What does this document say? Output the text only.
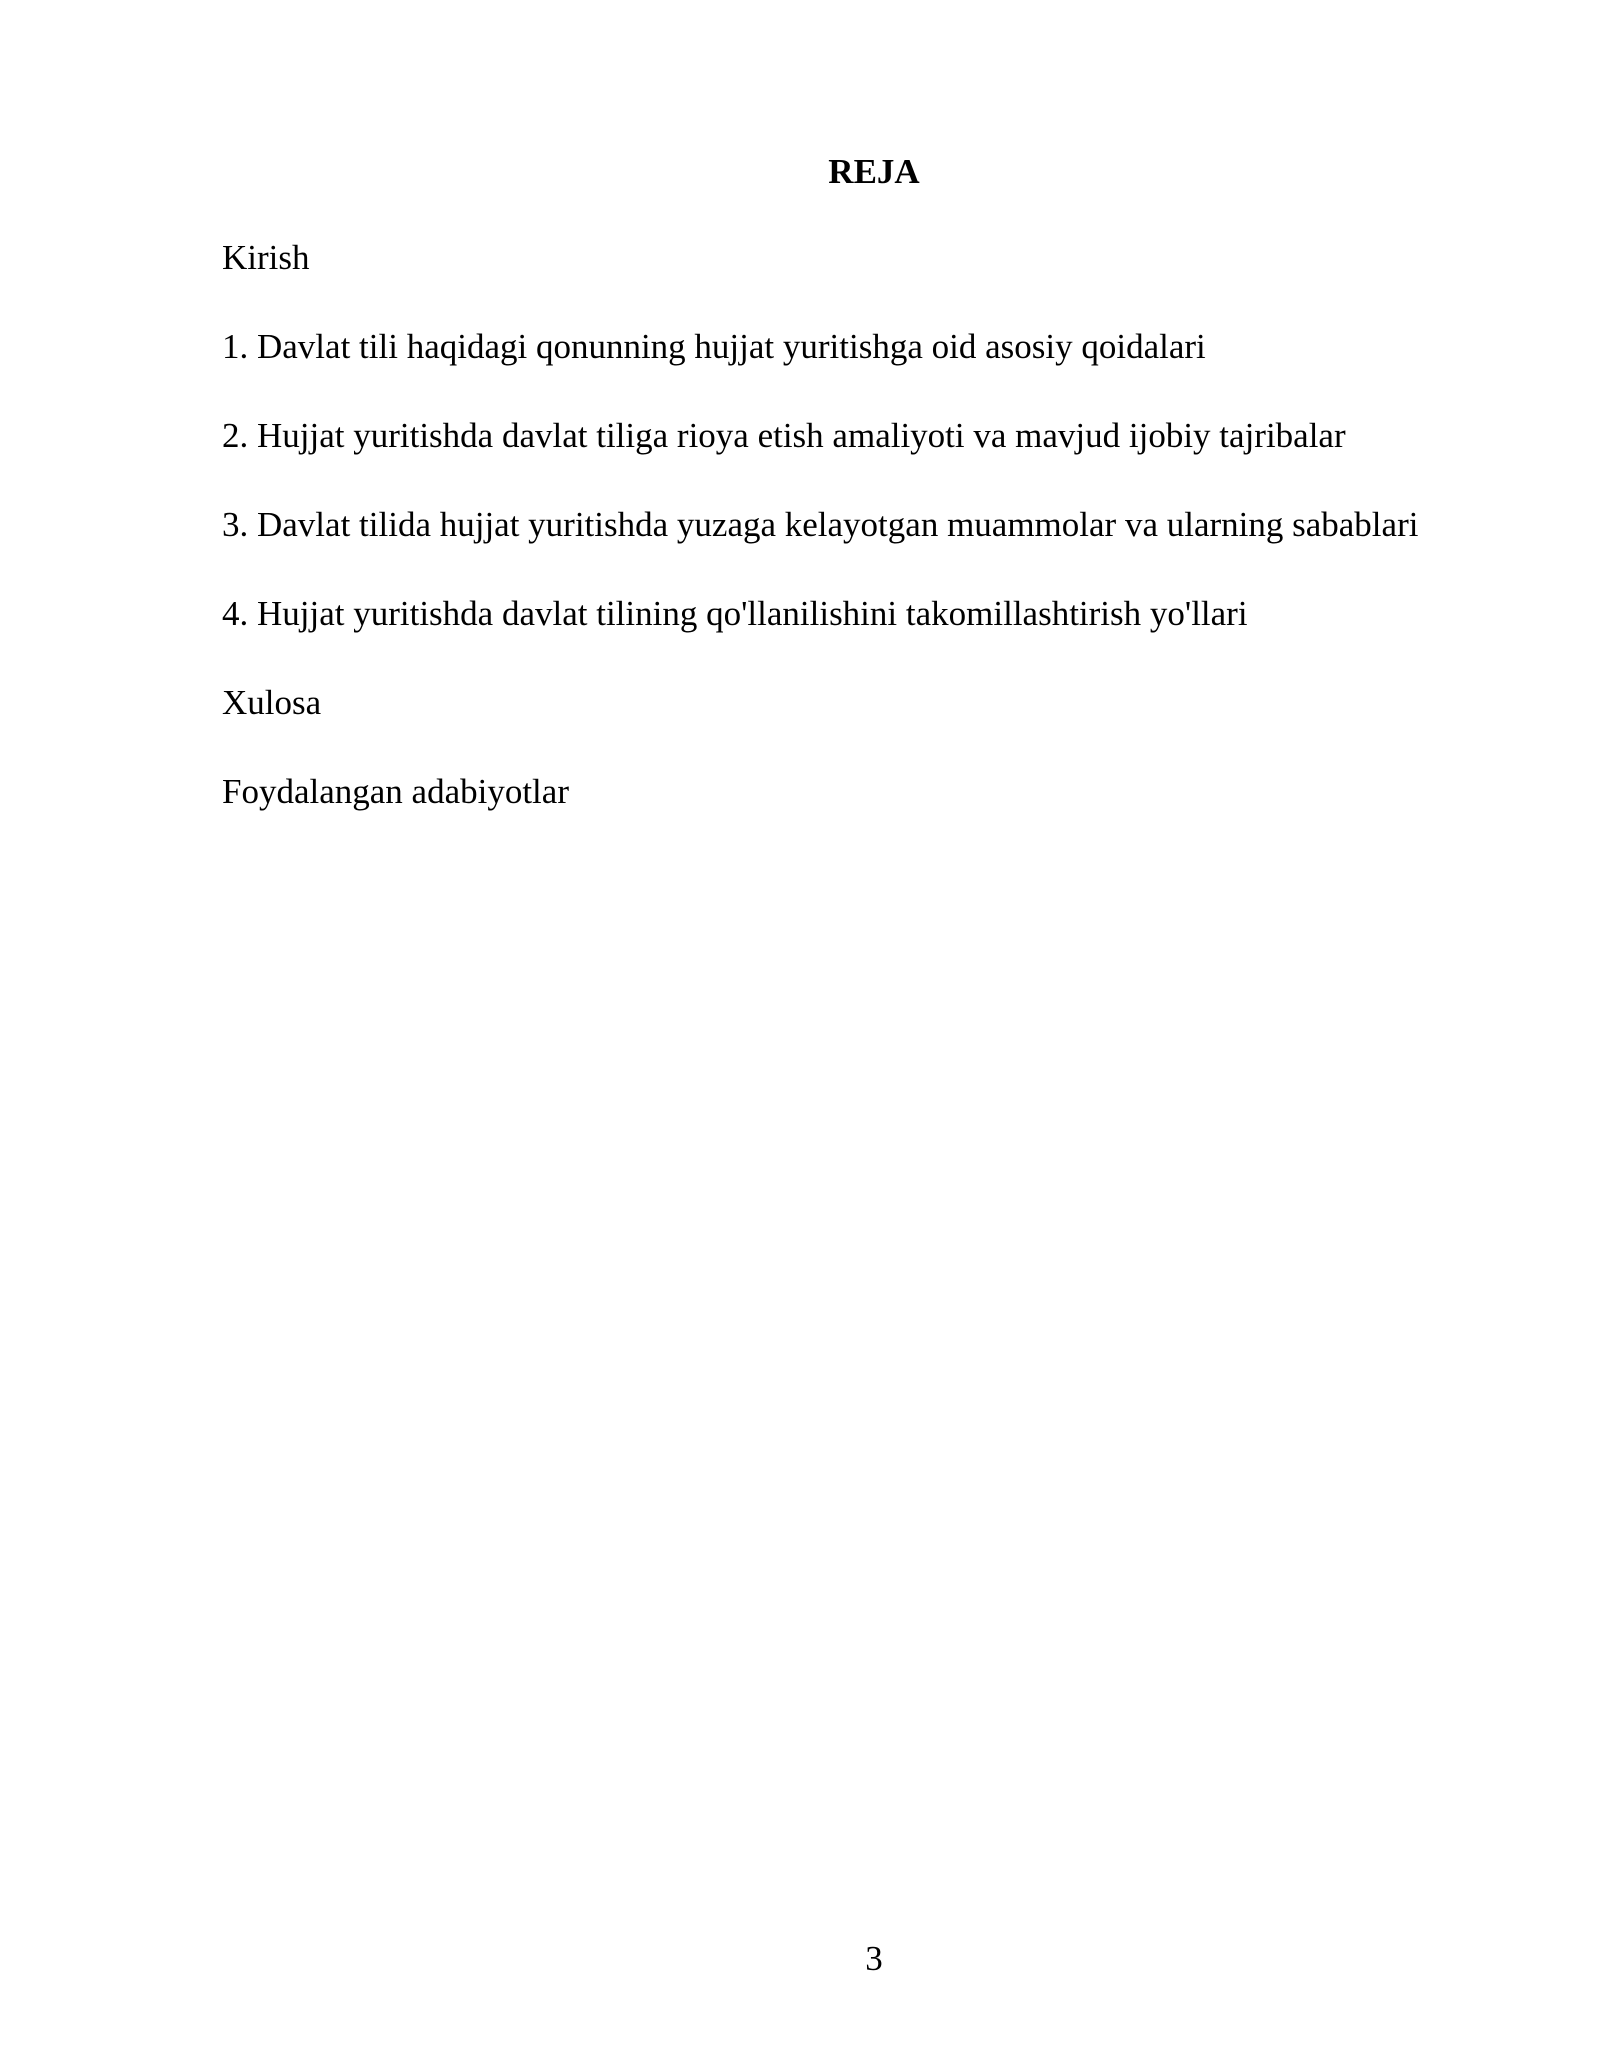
REJA
Kirish
1. Davlat tili haqidagi qonunning hujjat yuritishga oid asosiy qoidalari
2. Hujjat yuritishda davlat tiliga rioya etish amaliyoti va mavjud ijobiy tajribalar
3. Davlat tilida hujjat yuritishda yuzaga kelayotgan muammolar va ularning sabablari
4. Hujjat yuritishda davlat tilining qo'llanilishini takomillashtirish yo'llari
Xulosa
Foydalangan adabiyotlar
3
